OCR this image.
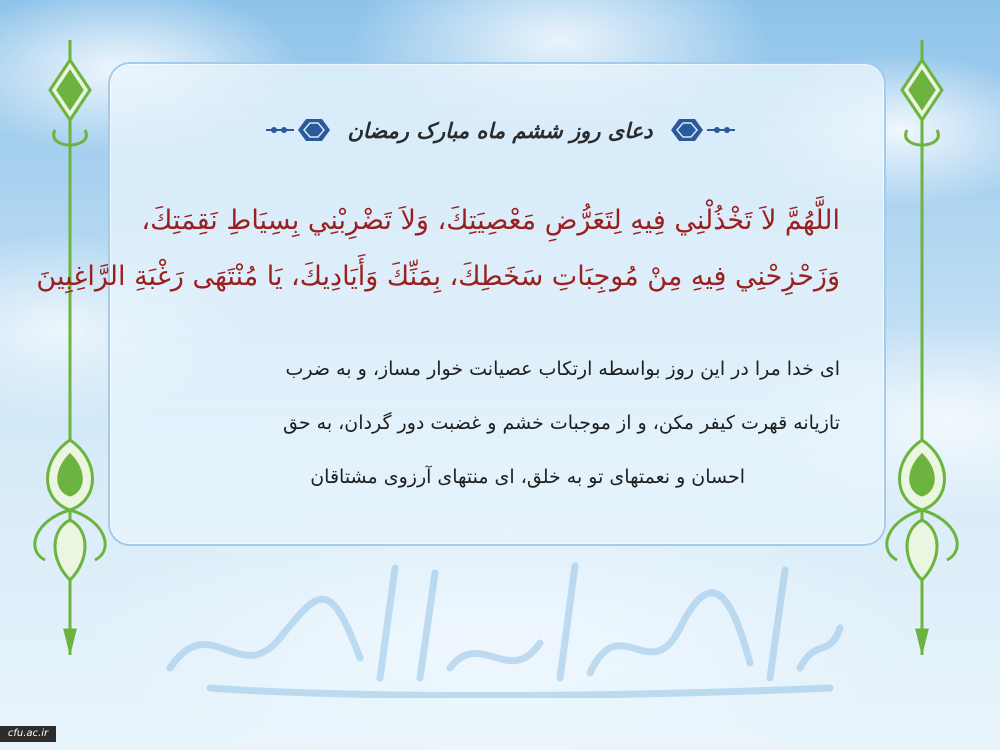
دعای روز ششم ماه مبارک رمضان
اللَّهُمَّ لاَ تَخْذُلْنِي فِيهِ لِتَعَرُّضِ مَعْصِيَتِكَ، وَلاَ تَضْرِبْنِي بِسِيَاطِ نَقِمَتِكَ،
وَزَحْزِحْنِي فِيهِ مِنْ مُوجِبَاتِ سَخَطِكَ، بِمَنِّكَ وَأَيَادِيكَ، يَا مُنْتَهَى رَغْبَةِ الرَّاغِبِينَ
ای خدا مرا در این روز بواسطه ارتکاب عصیانت خوار مساز، و به ضرب
تازیانه قهرت کیفر مکن، و از موجبات خشم و غضبت دور گردان، به حق
احسان و نعمتهای تو به خلق، ای منتهای آرزوی مشتاقان
cfu.ac.ir
